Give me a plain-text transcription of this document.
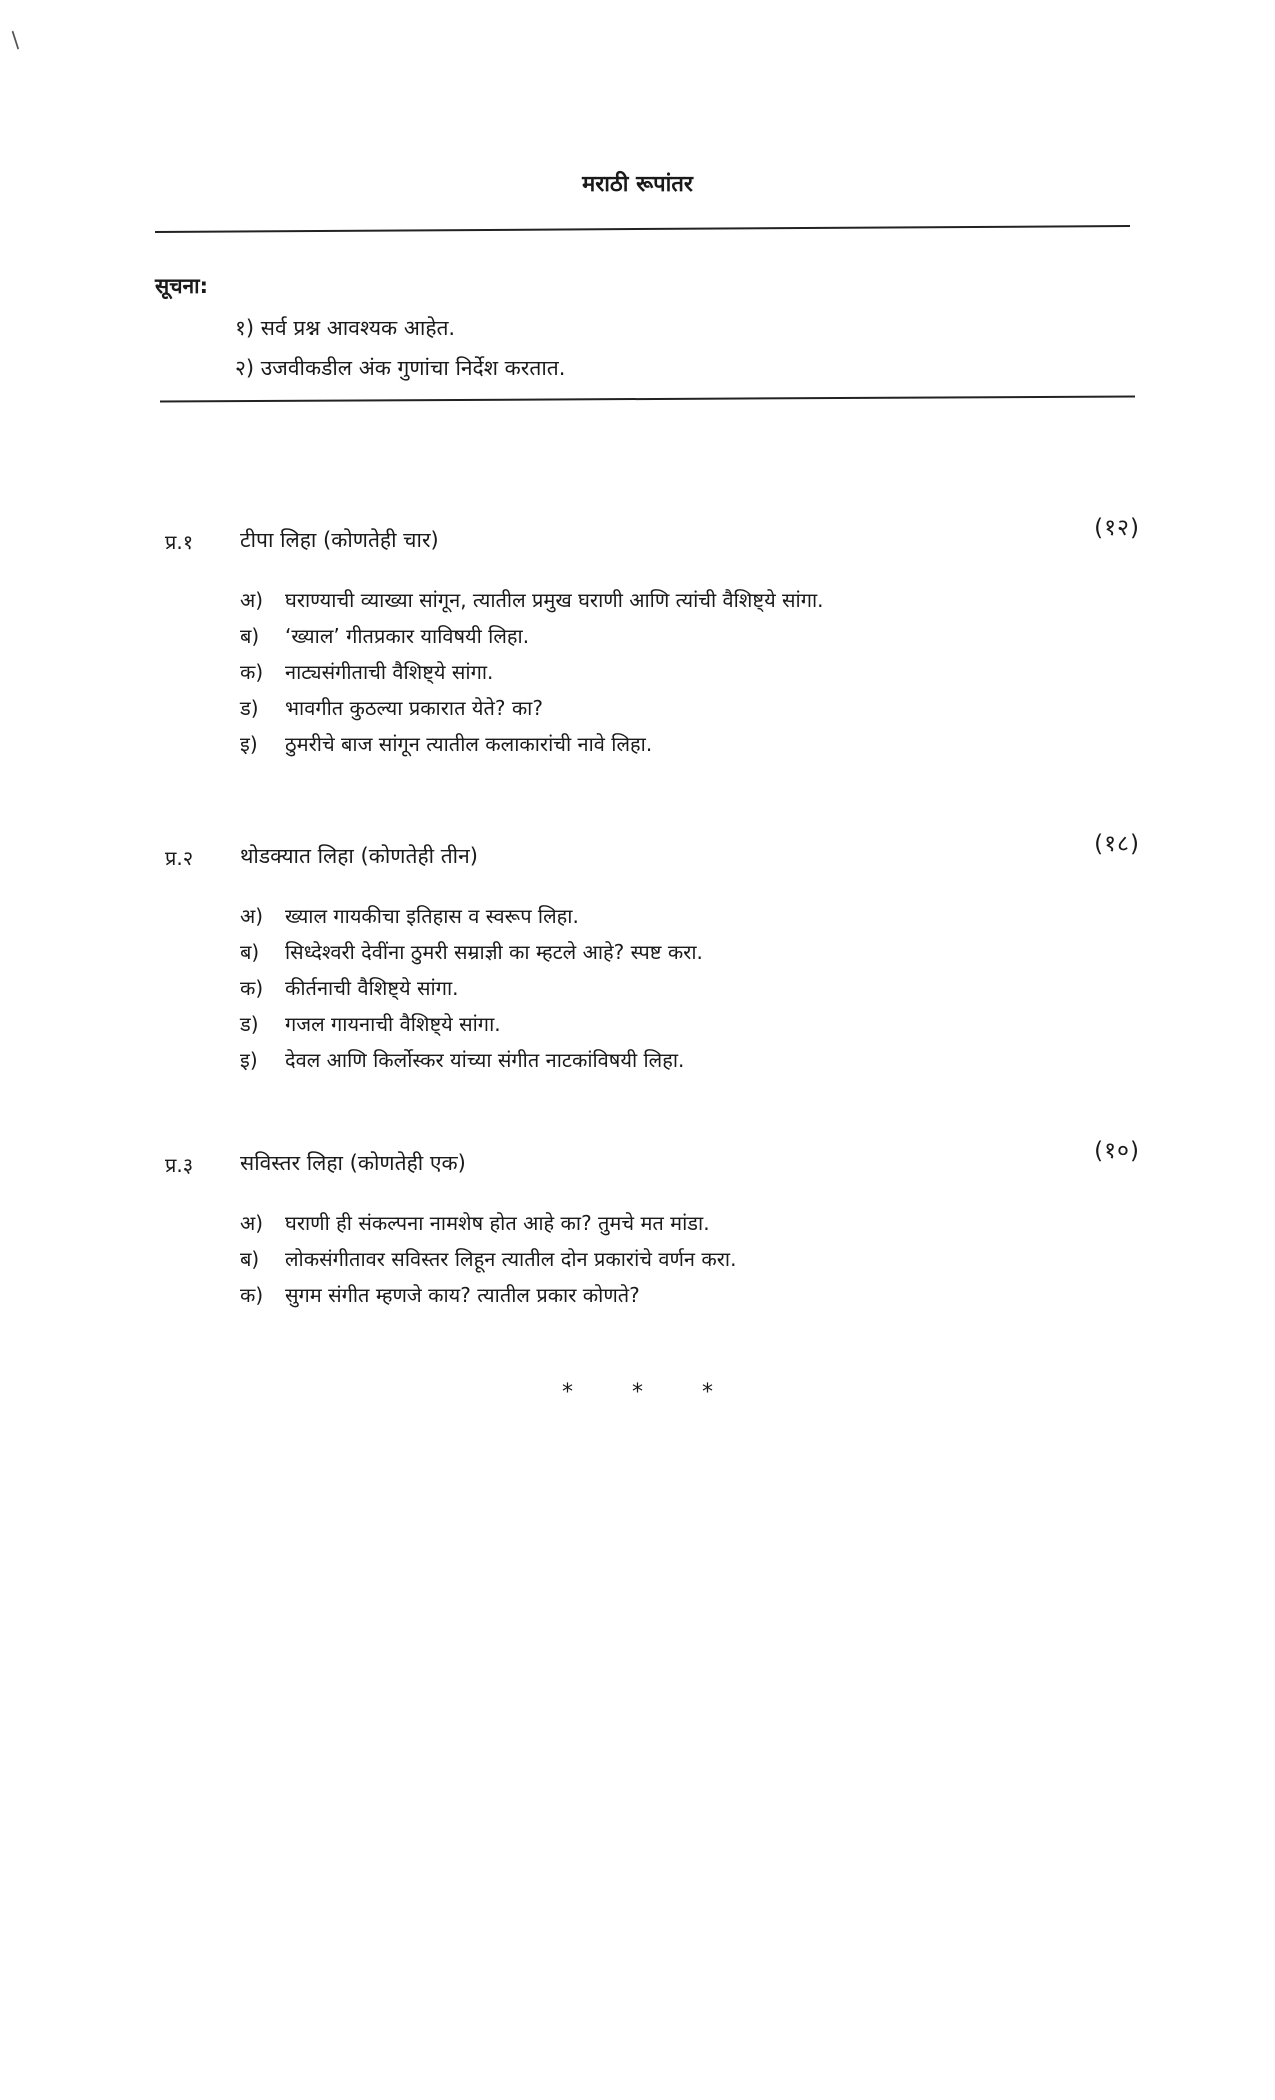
/
मराठी रूपांतर
सूचना:
१) सर्व प्रश्न आवश्यक आहेत.
२) उजवीकडील अंक गुणांचा निर्देश करतात.
प्र.१ टीपा लिहा (कोणतेही चार)	(१२)
अ)	घराण्याची व्याख्या सांगून, त्यातील प्रमुख घराणी आणि त्यांची वैशिष्ट्ये सांगा.
ब)	‘ख्याल’ गीतप्रकार याविषयी लिहा.
क)	नाट्यसंगीताची वैशिष्ट्ये सांगा.
ड)	भावगीत कुठल्या प्रकारात येते? का?
इ)	ठुमरीचे बाज सांगून त्यातील कलाकारांची नावे लिहा.
प्र.२ थोडक्यात लिहा (कोणतेही तीन)	(१८)
अ)	ख्याल गायकीचा इतिहास व स्वरूप लिहा.
ब)	सिध्देश्वरी देवींना ठुमरी सम्राज्ञी का म्हटले आहे? स्पष्ट करा.
क)	कीर्तनाची वैशिष्ट्ये सांगा.
ड)	गजल गायनाची वैशिष्ट्ये सांगा.
इ)	देवल आणि किर्लोस्कर यांच्या संगीत नाटकांविषयी लिहा.
प्र.३ सविस्तर लिहा (कोणतेही एक)	(१०)
अ)	घराणी ही संकल्पना नामशेष होत आहे का? तुमचे मत मांडा.
ब)	लोकसंगीतावर सविस्तर लिहून त्यातील दोन प्रकारांचे वर्णन करा.
क)	सुगम संगीत म्हणजे काय? त्यातील प्रकार कोणते?
*	*	*
